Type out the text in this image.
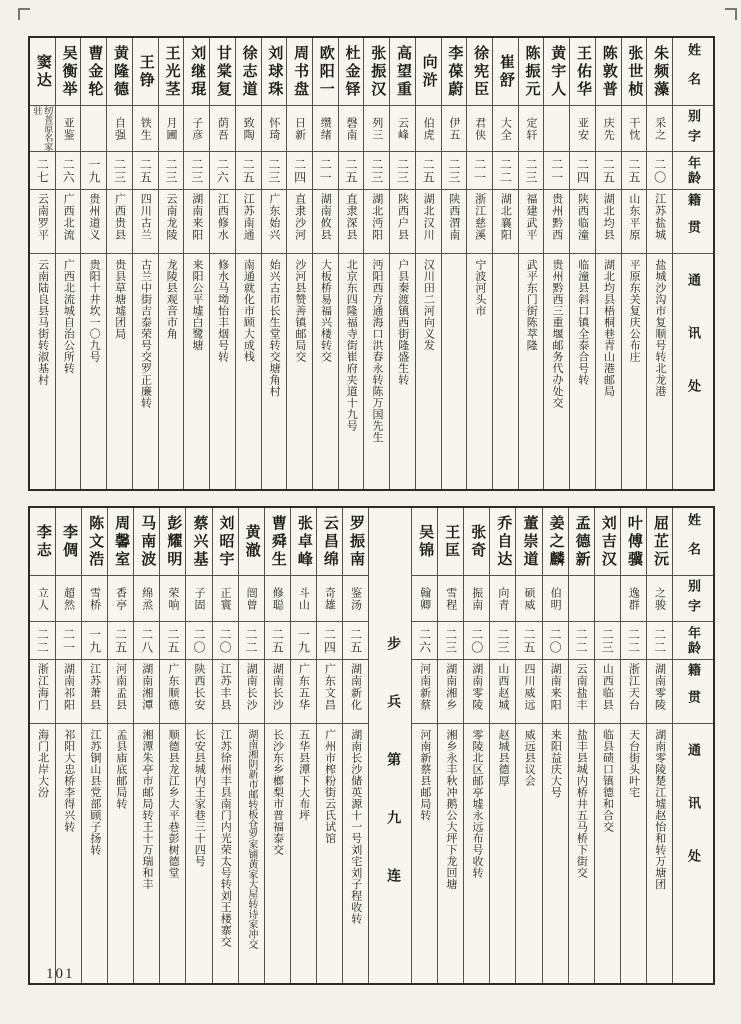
姓名
别字
年龄
籍贯
通讯处
朱频藻
采之
二〇
江苏盐城
盐城沙沟市复顺号转北龙港
张世桢
干忱
二五
山东平原
平原东关复庆公布庄
陈敦普
庆先
二五
湖北均县
湖北均县梧桐巷青山港邮局
王佑华
亚安
二四
陕西临潼
临潼县斜口镇全泰合号转
黄宇人
二一
贵州黔西
贵州黔西三重堰邮务代办处交
陈振元
定轩
二三
福建武平
武平东门街陈萃隆
崔舒
大全
二二
湖北襄阳
徐宪臣
君侠
二一
浙江慈溪
宁波河头市
李葆蔚
伊五
二三
陕西渭南
向浒
伯虎
二五
湖北汉川
汉川田二河向义发
高望重
云峰
二三
陕西户县
户县秦渡镇西街隆盛生转
张振汉
列三
二三
湖北沔阳
沔阳西方通海口洪春永转陈万国先生
杜金铎
磬南
二五
直隶深县
北京东四隆福寺街崔府夹道十九号
欧阳一
缵绪
二一
湖南攸县
大板桥易福兴楼转交
周书盘
日新
二四
直隶沙河
沙河县赞善镇邮局交
刘球珠
怀琦
二三
广东始兴
始兴古市长生堂转交塘角村
徐志道
致陶
二五
江苏南通
南通就化市顾大成栈
甘棠复
荫吾
二六
江西修水
修水马坳怡丰烟号转
刘继琨
子彦
二三
湖南来阳
来阳公平墟白鹭塘
王光茎
月圃
二三
云南龙陵
龙陵县观音市角
王铮
铁生
二五
四川古兰
古兰中街吉泰荣号交罗正廉转
黄隆德
自强
二三
广西贵县
贵县草塘墟团局
曹金轮
一九
贵州道义
贵阳十井坎一〇九号
吴衡举
亚鉴
二六
广西北流
广西北流城自治公所转
窦达
纫普原名家驻
二七
云南罗平
云南陆良县马街转淑基村
姓名
别字
年龄
籍贯
通讯处
屈芷沅
之骏
二二
湖南零陵
湖南零陵楚江墟赵怡和转万塘团
叶傅骥
逸群
二二
浙江天台
天台街头叶宅
刘吉汉
二三
山西临县
临县碛口镇德和合交
孟德新
二二
云南盐丰
盐丰县城内桥井五马桥下街交
姜之麟
伯明
二〇
湖南来阳
来阳益庆大号
董崇道
硕威
二五
四川威远
威远县议会
乔自达
向青
二三
山西赵城
赵城县德厚
张奇
振南
二〇
湖南零陵
零陵北区邮亭墟永远布号收转
王匡
雪程
二三
湖南湘乡
湘乡永丰秋冲鹅公大坪下龙回塘
吴锦
翰卿
二六
河南新蔡
河南新蔡县邮局转
步兵第九连
罗振南
鉴汤
二五
湖南新化
湖南长沙储英源十一号刘宅刘子程收转
云昌绵
奇雄
二四
广东文昌
广州市榨粉街云氏试馆
张卓峰
斗山
一九
广东五华
五华县潭下大布坪
曹舜生
修聪
二五
湖南长沙
长沙东乡榔梨市普福泰交
黄澈
闿曾
二二
湖南长沙
湖南湘阴新市邮转板仓罗家铺黄家大屋转诗家冲交
刘昭宇
正寰
二〇
江苏丰县
江苏徐州丰县南门内光荣太号转刘王楼寨交
蔡兴基
子固
二〇
陕西长安
长安县城内王家巷三十四号
彭耀明
荣响
二五
广东顺德
顺德县龙江乡大平巷彭树德堂
马南波
绵烝
二八
湖南湘潭
湘潭朱亭市邮局转王十万瑞和丰
周馨室
香亭
二五
河南孟县
孟县庙底邮局转
陈文浩
雪桥
一九
江苏萧县
江苏铜山县党部顾子扬转
李倜
超然
二一
湖南祁阳
祁阳大忠桥李得兴转
李志
立人
二二
浙江海门
海门北岸大汾
101
